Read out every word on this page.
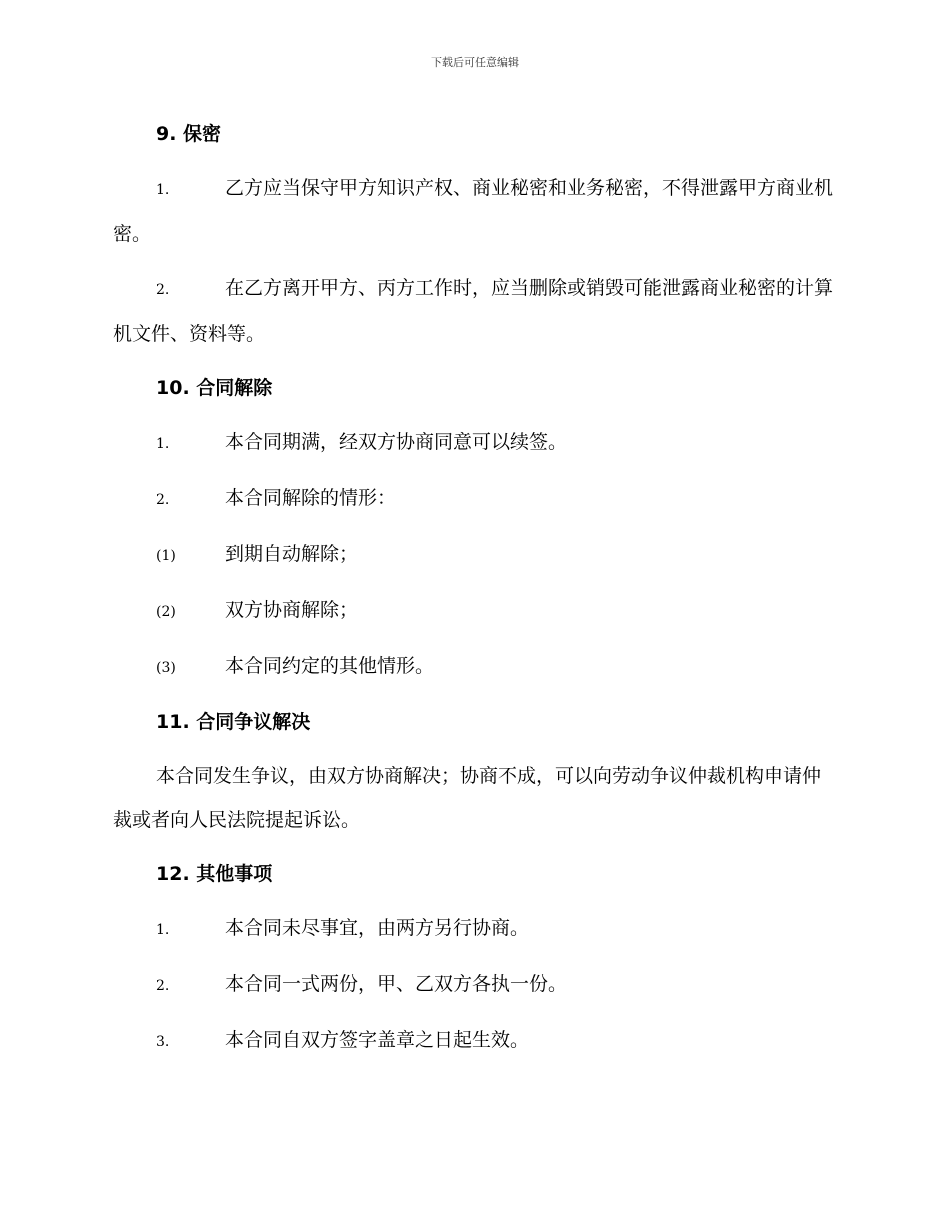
下载后可任意编辑
9. 保密
1.	乙方应当保守甲方知识产权、商业秘密和业务秘密，不得泄露甲方商业机密。
2.	在乙方离开甲方、丙方工作时，应当删除或销毁可能泄露商业秘密的计算机文件、资料等。
10. 合同解除
1.	本合同期满，经双方协商同意可以续签。
2.	本合同解除的情形：
(1)	到期自动解除；
(2)	双方协商解除；
(3)	本合同约定的其他情形。
11. 合同争议解决
本合同发生争议，由双方协商解决；协商不成，可以向劳动争议仲裁机构申请仲裁或者向人民法院提起诉讼。
12. 其他事项
1.	本合同未尽事宜，由两方另行协商。
2.	本合同一式两份，甲、乙双方各执一份。
3.	本合同自双方签字盖章之日起生效。
